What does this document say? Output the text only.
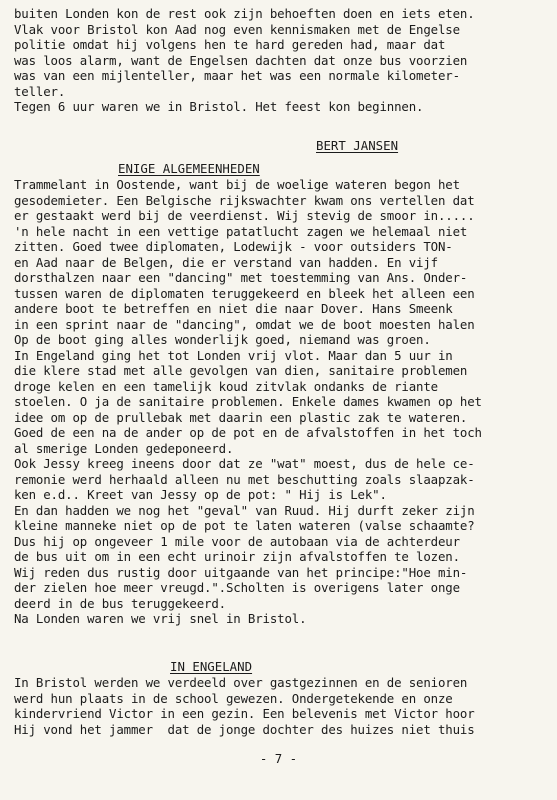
buiten Londen kon de rest ook zijn behoeften doen en iets eten.
Vlak voor Bristol kon Aad nog even kennismaken met de Engelse
politie omdat hij volgens hen te hard gereden had, maar dat
was loos alarm, want de Engelsen dachten dat onze bus voorzien
was van een mijlenteller, maar het was een normale kilometer-
teller.
Tegen 6 uur waren we in Bristol. Het feest kon beginnen.
BERT JANSEN
ENIGE ALGEMEENHEDEN
Trammelant in Oostende, want bij de woelige wateren begon het
gesodemieter. Een Belgische rijkswachter kwam ons vertellen dat
er gestaakt werd bij de veerdienst. Wij stevig de smoor in.....
'n hele nacht in een vettige patatlucht zagen we helemaal niet
zitten. Goed twee diplomaten, Lodewijk - voor outsiders TON-
en Aad naar de Belgen, die er verstand van hadden. En vijf
dorsthalzen naar een "dancing" met toestemming van Ans. Onder-
tussen waren de diplomaten teruggekeerd en bleek het alleen een
andere boot te betreffen en niet die naar Dover. Hans Smeenk
in een sprint naar de "dancing", omdat we de boot moesten halen
Op de boot ging alles wonderlijk goed, niemand was groen.
In Engeland ging het tot Londen vrij vlot. Maar dan 5 uur in
die klere stad met alle gevolgen van dien, sanitaire problemen
droge kelen en een tamelijk koud zitvlak ondanks de riante
stoelen. O ja de sanitaire problemen. Enkele dames kwamen op het
idee om op de prullebak met daarin een plastic zak te wateren.
Goed de een na de ander op de pot en de afvalstoffen in het toch
al smerige Londen gedeponeerd.
Ook Jessy kreeg ineens door dat ze "wat" moest, dus de hele ce-
remonie werd herhaald alleen nu met beschutting zoals slaapzak-
ken e.d.. Kreet van Jessy op de pot: " Hij is Lek".
En dan hadden we nog het "geval" van Ruud. Hij durft zeker zijn
kleine manneke niet op de pot te laten wateren (valse schaamte?
Dus hij op ongeveer 1 mile voor de autobaan via de achterdeur
de bus uit om in een echt urinoir zijn afvalstoffen te lozen.
Wij reden dus rustig door uitgaande van het principe:"Hoe min-
der zielen hoe meer vreugd.".Scholten is overigens later onge
deerd in de bus teruggekeerd.
Na Londen waren we vrij snel in Bristol.
IN ENGELAND
In Bristol werden we verdeeld over gastgezinnen en de senioren
werd hun plaats in de school gewezen. Ondergetekende en onze
kindervriend Victor in een gezin. Een belevenis met Victor hoor
Hij vond het jammer  dat de jonge dochter des huizes niet thuis
- 7 -
